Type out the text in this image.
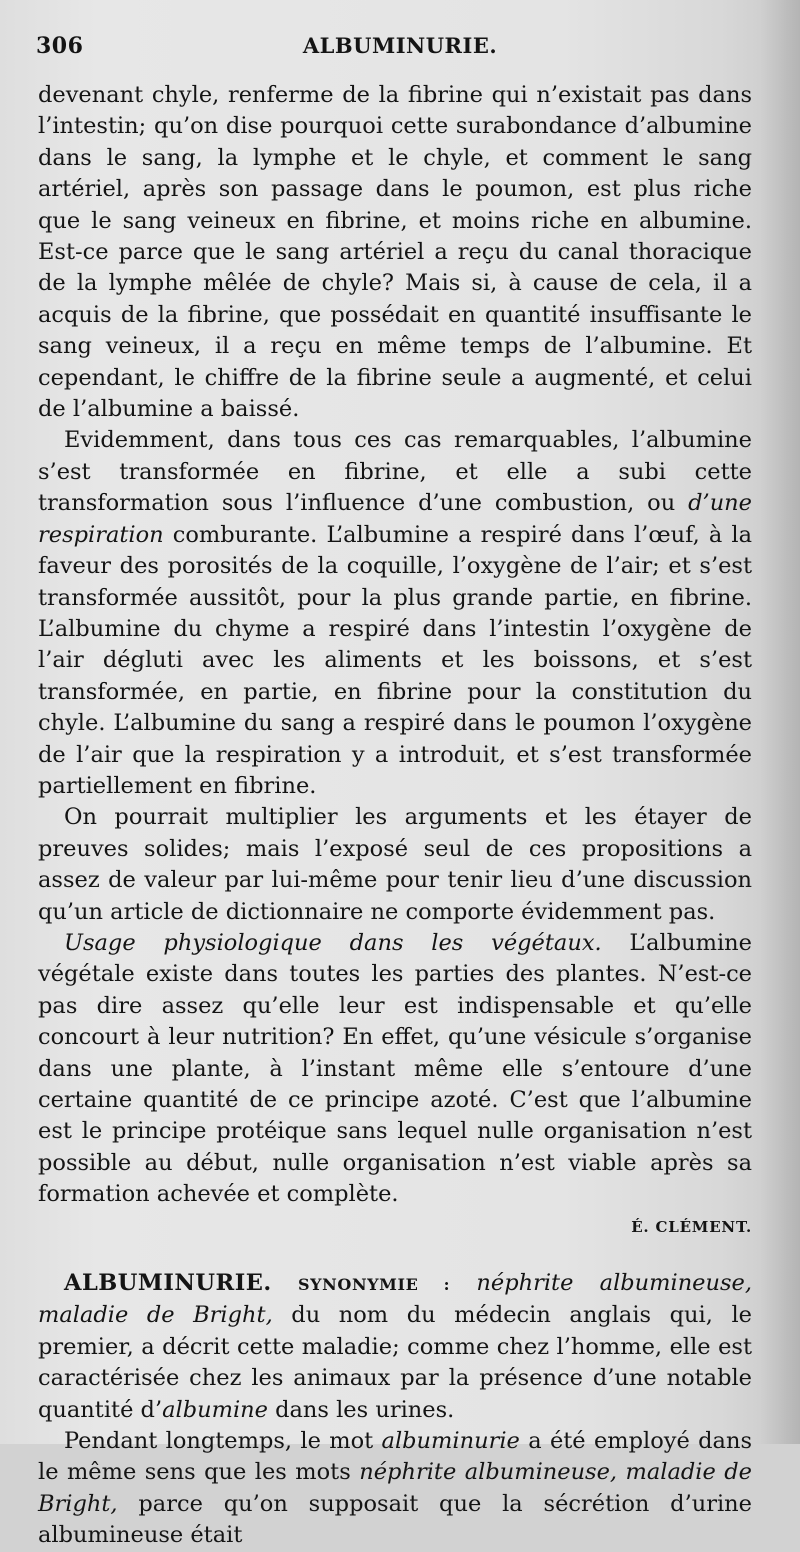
306	ALBUMINURIE.

devenant chyle, renferme de la fibrine qui n’existait pas dans l’intestin; qu’on dise pourquoi cette surabondance d’albumine dans le sang, la lymphe et le chyle, et comment le sang artériel, après son passage dans le poumon, est plus riche que le sang veineux en fibrine, et moins riche en albumine. Est-ce parce que le sang artériel a reçu du canal thoracique de la lymphe mêlée de chyle? Mais si, à cause de cela, il a acquis de la fibrine, que possédait en quantité insuffisante le sang veineux, il a reçu en même temps de l’albumine. Et cependant, le chiffre de la fibrine seule a augmenté, et celui de l’albumine a baissé.

Evidemment, dans tous ces cas remarquables, l’albumine s’est transformée en fibrine, et elle a subi cette transformation sous l’influence d’une combustion, ou d’une respiration comburante. L’albumine a respiré dans l’œuf, à la faveur des porosités de la coquille, l’oxygène de l’air; et s’est transformée aussitôt, pour la plus grande partie, en fibrine. L’albumine du chyme a respiré dans l’intestin l’oxygène de l’air dégluti avec les aliments et les boissons, et s’est transformée, en partie, en fibrine pour la constitution du chyle. L’albumine du sang a respiré dans le poumon l’oxygène de l’air que la respiration y a introduit, et s’est transformée partiellement en fibrine.

On pourrait multiplier les arguments et les étayer de preuves solides; mais l’exposé seul de ces propositions a assez de valeur par lui-même pour tenir lieu d’une discussion qu’un article de dictionnaire ne comporte évidemment pas.

Usage physiologique dans les végétaux. L’albumine végétale existe dans toutes les parties des plantes. N’est-ce pas dire assez qu’elle leur est indispensable et qu’elle concourt à leur nutrition? En effet, qu’une vésicule s’organise dans une plante, à l’instant même elle s’entoure d’une certaine quantité de ce principe azoté. C’est que l’albumine est le principe protéique sans lequel nulle organisation n’est possible au début, nulle organisation n’est viable après sa formation achevée et complète.

É. CLÉMENT.

ALBUMINURIE. SYNONYMIE : néphrite albumineuse, maladie de Bright, du nom du médecin anglais qui, le premier, a décrit cette maladie; comme chez l’homme, elle est caractérisée chez les animaux par la présence d’une notable quantité d’albumine dans les urines.

Pendant longtemps, le mot albuminurie a été employé dans le même sens que les mots néphrite albumineuse, maladie de Bright, parce qu’on supposait que la sécrétion d’urine albumineuse était
